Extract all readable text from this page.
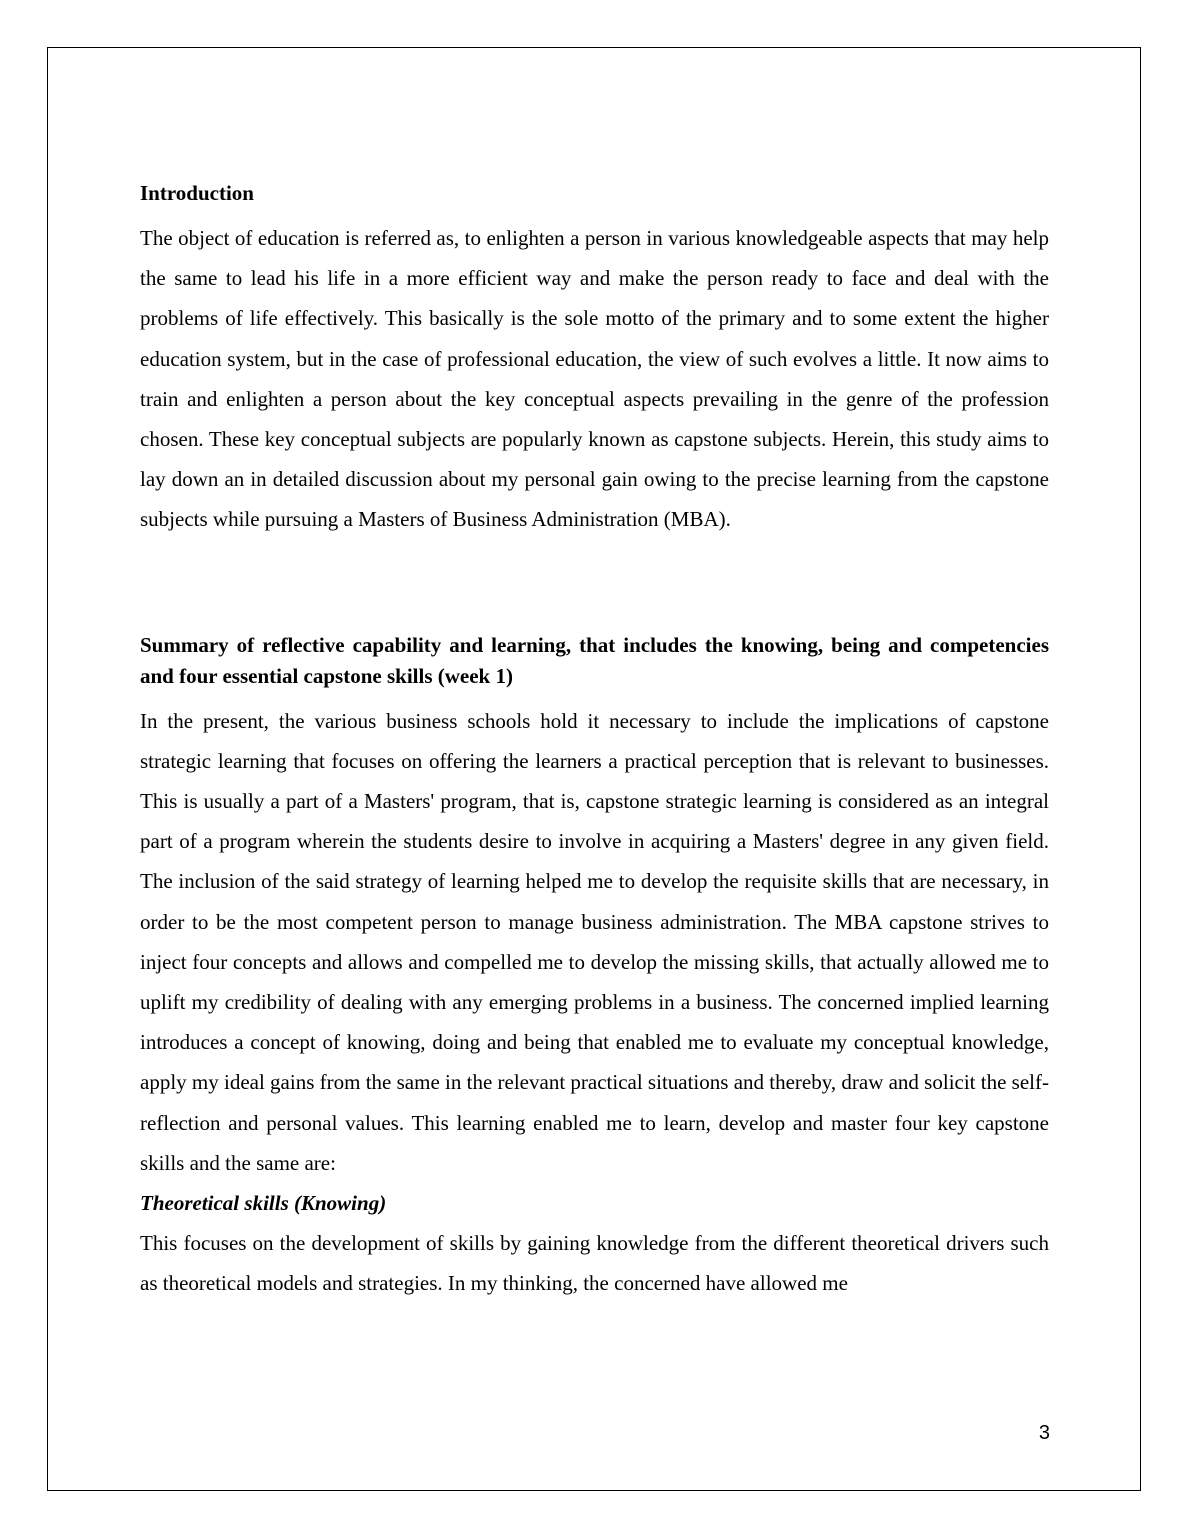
Introduction

The object of education is referred as, to enlighten a person in various knowledgeable aspects that may help the same to lead his life in a more efficient way and make the person ready to face and deal with the problems of life effectively. This basically is the sole motto of the primary and to some extent the higher education system, but in the case of professional education, the view of such evolves a little. It now aims to train and enlighten a person about the key conceptual aspects prevailing in the genre of the profession chosen. These key conceptual subjects are popularly known as capstone subjects. Herein, this study aims to lay down an in detailed discussion about my personal gain owing to the precise learning from the capstone subjects while pursuing a Masters of Business Administration (MBA).

Summary of reflective capability and learning, that includes the knowing, being and competencies and four essential capstone skills (week 1)

In the present, the various business schools hold it necessary to include the implications of capstone strategic learning that focuses on offering the learners a practical perception that is relevant to businesses. This is usually a part of a Masters' program, that is, capstone strategic learning is considered as an integral part of a program wherein the students desire to involve in acquiring a Masters' degree in any given field. The inclusion of the said strategy of learning helped me to develop the requisite skills that are necessary, in order to be the most competent person to manage business administration. The MBA capstone strives to inject four concepts and allows and compelled me to develop the missing skills, that actually allowed me to uplift my credibility of dealing with any emerging problems in a business. The concerned implied learning introduces a concept of knowing, doing and being that enabled me to evaluate my conceptual knowledge, apply my ideal gains from the same in the relevant practical situations and thereby, draw and solicit the self-reflection and personal values. This learning enabled me to learn, develop and master four key capstone skills and the same are:

Theoretical skills (Knowing)

This focuses on the development of skills by gaining knowledge from the different theoretical drivers such as theoretical models and strategies. In my thinking, the concerned have allowed me

3
